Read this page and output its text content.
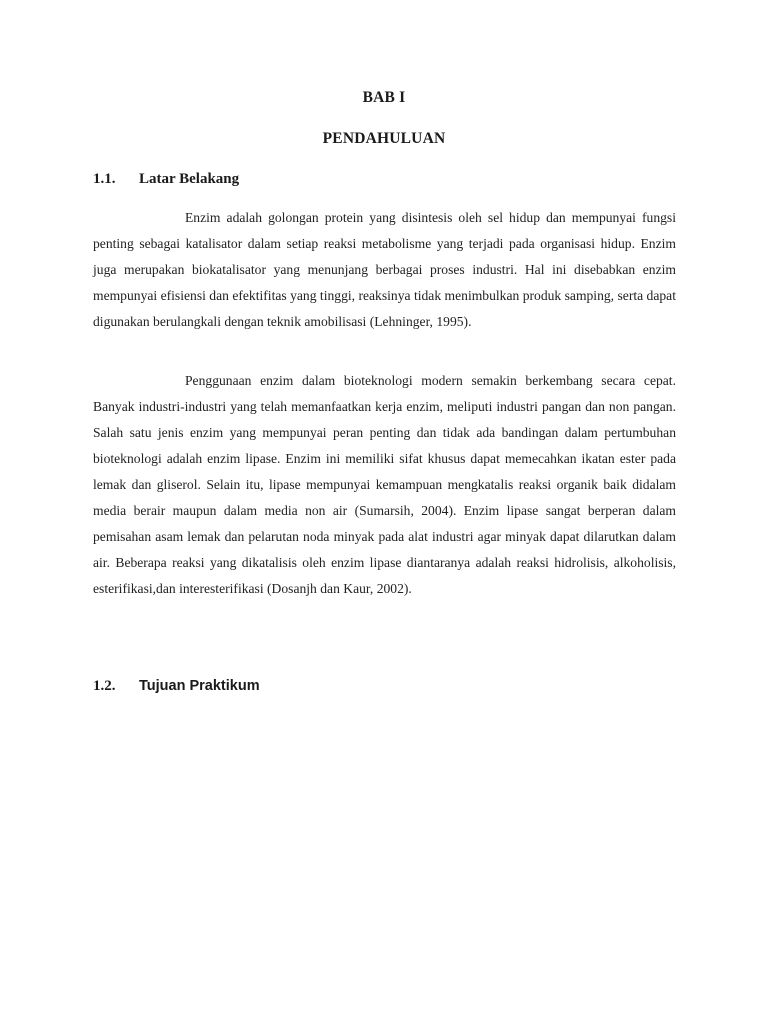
BAB I
PENDAHULUAN
1.1.	Latar Belakang

Enzim adalah golongan protein yang disintesis oleh sel hidup dan mempunyai fungsi penting sebagai katalisator dalam setiap reaksi metabolisme yang terjadi pada organisasi hidup. Enzim juga merupakan biokatalisator yang menunjang berbagai proses industri. Hal ini disebabkan enzim mempunyai efisiensi dan efektifitas yang tinggi, reaksinya tidak menimbulkan produk samping, serta dapat digunakan berulangkali dengan teknik amobilisasi (Lehninger, 1995).

Penggunaan enzim dalam bioteknologi modern semakin berkembang secara cepat. Banyak industri-industri yang telah memanfaatkan kerja enzim, meliputi industri pangan dan non pangan. Salah satu jenis enzim yang mempunyai peran penting dan tidak ada bandingan dalam pertumbuhan bioteknologi adalah enzim lipase. Enzim ini memiliki sifat khusus dapat memecahkan ikatan ester pada lemak dan gliserol. Selain itu, lipase mempunyai kemampuan mengkatalis reaksi organik baik didalam media berair maupun dalam media non air (Sumarsih, 2004). Enzim lipase sangat berperan dalam pemisahan asam lemak dan pelarutan noda minyak pada alat industri agar minyak dapat dilarutkan dalam air. Beberapa reaksi yang dikatalisis oleh enzim lipase diantaranya adalah reaksi hidrolisis, alkoholisis, esterifikasi,dan interesterifikasi (Dosanjh dan Kaur, 2002).

1.2.	Tujuan Praktikum
